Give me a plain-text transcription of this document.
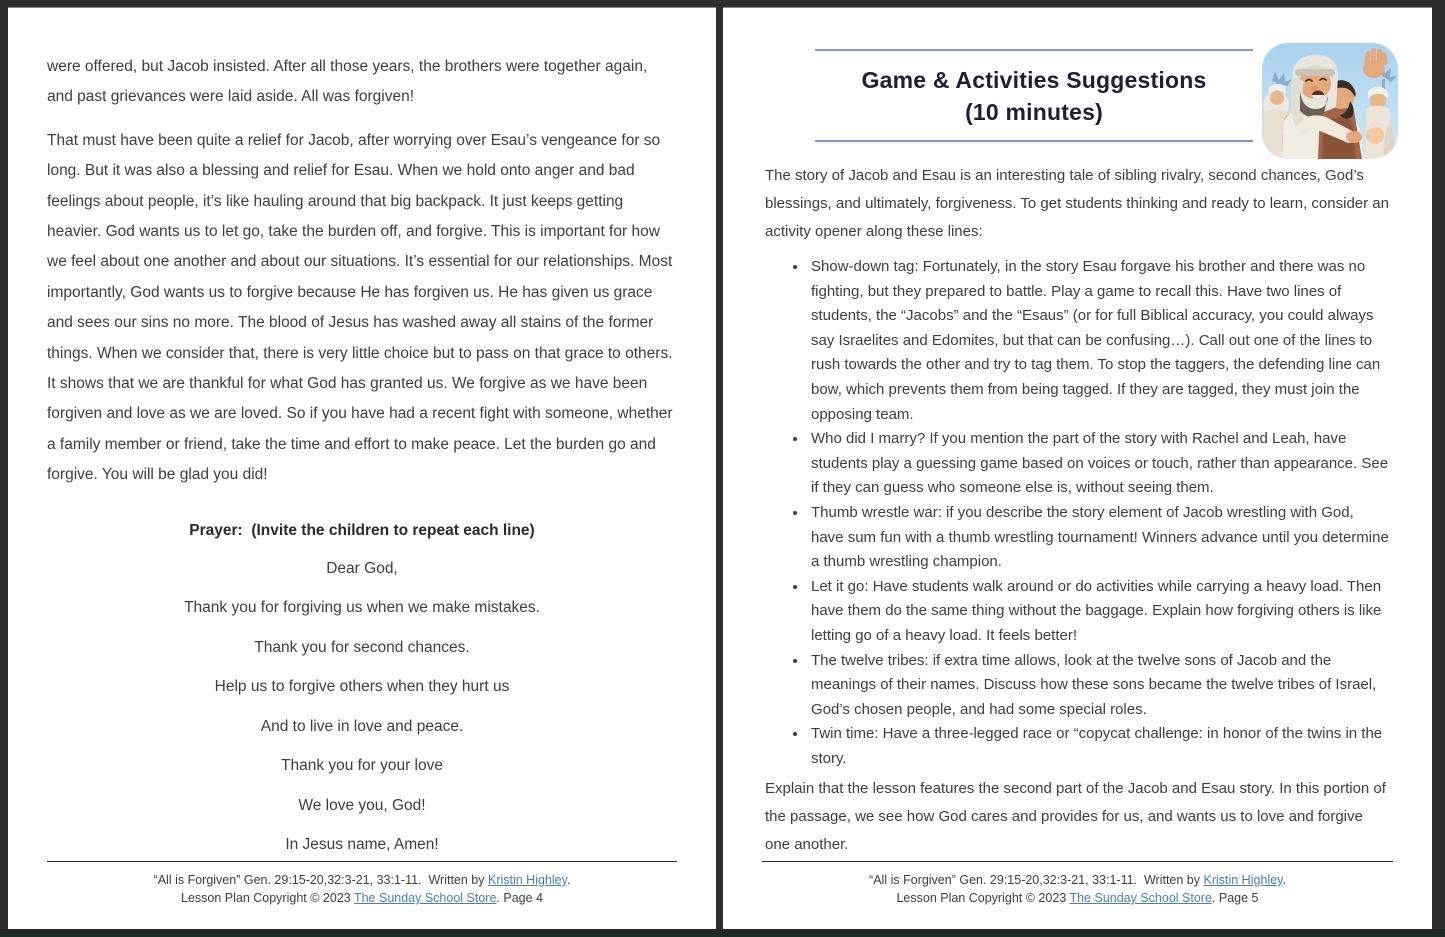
were offered, but Jacob insisted. After all those years, the brothers were together again, and past grievances were laid aside. All was forgiven!

That must have been quite a relief for Jacob, after worrying over Esau’s vengeance for so long. But it was also a blessing and relief for Esau. When we hold onto anger and bad feelings about people, it’s like hauling around that big backpack. It just keeps getting heavier. God wants us to let go, take the burden off, and forgive. This is important for how we feel about one another and about our situations. It’s essential for our relationships. Most importantly, God wants us to forgive because He has forgiven us. He has given us grace and sees our sins no more. The blood of Jesus has washed away all stains of the former things. When we consider that, there is very little choice but to pass on that grace to others. It shows that we are thankful for what God has granted us. We forgive as we have been forgiven and love as we are loved. So if you have had a recent fight with someone, whether a family member or friend, take the time and effort to make peace. Let the burden go and forgive. You will be glad you did!

Prayer:  (Invite the children to repeat each line)
Dear God,
Thank you for forgiving us when we make mistakes.
Thank you for second chances.
Help us to forgive others when they hurt us
And to live in love and peace.
Thank you for your love
We love you, God!
In Jesus name, Amen!
“All is Forgiven” Gen. 29:15-20,32:3-21, 33:1-11.  Written by Kristin Highley.
Lesson Plan Copyright © 2023 The Sunday School Store. Page 4
Game & Activities Suggestions
(10 minutes)

The story of Jacob and Esau is an interesting tale of sibling rivalry, second chances, God’s blessings, and ultimately, forgiveness. To get students thinking and ready to learn, consider an activity opener along these lines:

• Show-down tag: Fortunately, in the story Esau forgave his brother and there was no fighting, but they prepared to battle. Play a game to recall this. Have two lines of students, the “Jacobs” and the “Esaus” (or for full Biblical accuracy, you could always say Israelites and Edomites, but that can be confusing…). Call out one of the lines to rush towards the other and try to tag them. To stop the taggers, the defending line can bow, which prevents them from being tagged. If they are tagged, they must join the opposing team.
• Who did I marry? If you mention the part of the story with Rachel and Leah, have students play a guessing game based on voices or touch, rather than appearance. See if they can guess who someone else is, without seeing them.
• Thumb wrestle war: if you describe the story element of Jacob wrestling with God, have sum fun with a thumb wrestling tournament! Winners advance until you determine a thumb wrestling champion.
• Let it go: Have students walk around or do activities while carrying a heavy load. Then have them do the same thing without the baggage. Explain how forgiving others is like letting go of a heavy load. It feels better!
• The twelve tribes: if extra time allows, look at the twelve sons of Jacob and the meanings of their names. Discuss how these sons became the twelve tribes of Israel, God’s chosen people, and had some special roles.
• Twin time: Have a three-legged race or “copycat challenge: in honor of the twins in the story.

Explain that the lesson features the second part of the Jacob and Esau story. In this portion of the passage, we see how God cares and provides for us, and wants us to love and forgive one another.

“All is Forgiven” Gen. 29:15-20,32:3-21, 33:1-11.  Written by Kristin Highley.
Lesson Plan Copyright © 2023 The Sunday School Store. Page 5
